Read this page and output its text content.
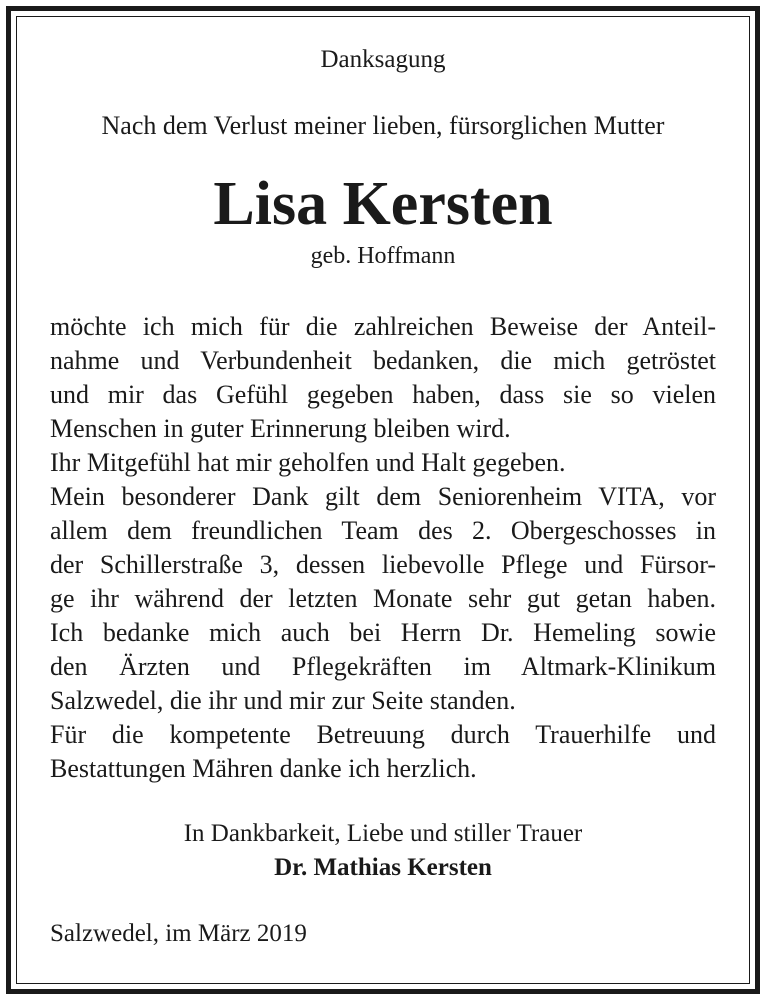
Danksagung
Nach dem Verlust meiner lieben, fürsorglichen Mutter
Lisa Kersten
geb. Hoffmann
möchte ich mich für die zahlreichen Beweise der Anteil-
nahme und Verbundenheit bedanken, die mich getröstet
und mir das Gefühl gegeben haben, dass sie so vielen
Menschen in guter Erinnerung bleiben wird.
Ihr Mitgefühl hat mir geholfen und Halt gegeben.
Mein besonderer Dank gilt dem Seniorenheim VITA, vor
allem dem freundlichen Team des 2. Obergeschosses in
der Schillerstraße 3, dessen liebevolle Pflege und Fürsor-
ge ihr während der letzten Monate sehr gut getan haben.
Ich bedanke mich auch bei Herrn Dr. Hemeling sowie
den Ärzten und Pflegekräften im Altmark-Klinikum
Salzwedel, die ihr und mir zur Seite standen.
Für die kompetente Betreuung durch Trauerhilfe und
Bestattungen Mähren danke ich herzlich.
In Dankbarkeit, Liebe und stiller Trauer
Dr. Mathias Kersten
Salzwedel, im März 2019
